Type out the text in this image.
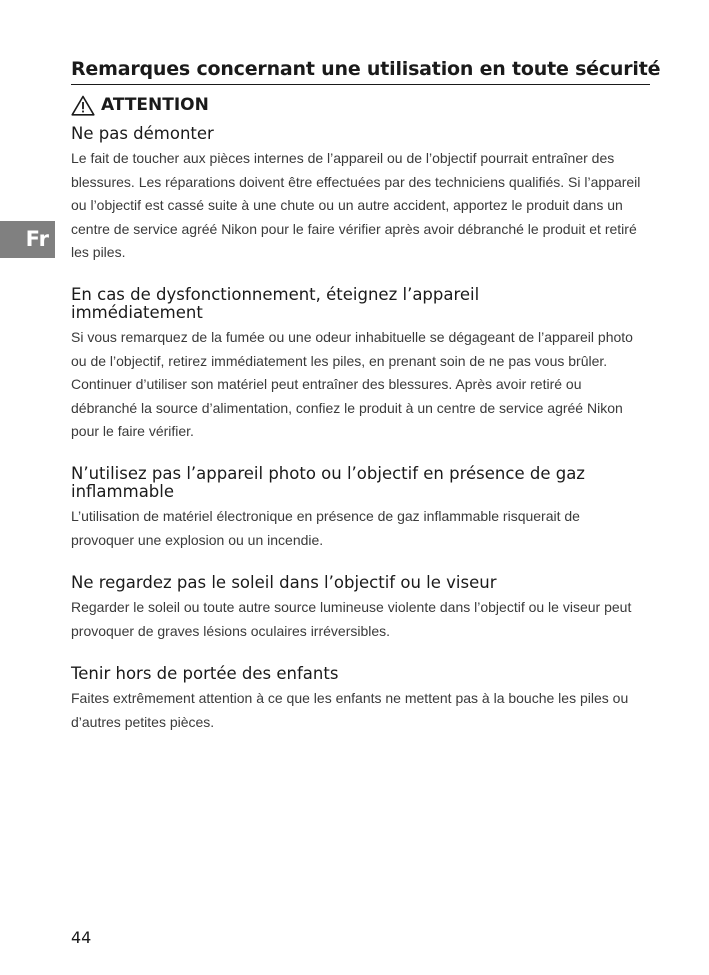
Remarques concernant une utilisation en toute sécurité
ATTENTION
Fr
Ne pas démonter

Le fait de toucher aux pièces internes de l’appareil ou de l’objectif pourrait entraîner des blessures. Les réparations doivent être effectuées par des techniciens qualifiés. Si l’appareil ou l’objectif est cassé suite à une chute ou un autre accident, apportez le produit dans un centre de service agréé Nikon pour le faire vérifier après avoir débranché le produit et retiré les piles.

En cas de dysfonctionnement, éteignez l’appareil immédiatement

Si vous remarquez de la fumée ou une odeur inhabituelle se dégageant de l’appareil photo ou de l’objectif, retirez immédiatement les piles, en prenant soin de ne pas vous brûler. Continuer d’utiliser son matériel peut entraîner des blessures. Après avoir retiré ou débranché la source d’alimentation, confiez le produit à un centre de service agréé Nikon pour le faire vérifier.

N’utilisez pas l’appareil photo ou l’objectif en présence de gaz inflammable

L’utilisation de matériel électronique en présence de gaz inflammable risquerait de provoquer une explosion ou un incendie.

Ne regardez pas le soleil dans l’objectif ou le viseur

Regarder le soleil ou toute autre source lumineuse violente dans l’objectif ou le viseur peut provoquer de graves lésions oculaires irréversibles.

Tenir hors de portée des enfants

Faites extrêmement attention à ce que les enfants ne mettent pas à la bouche les piles ou d’autres petites pièces.

44
